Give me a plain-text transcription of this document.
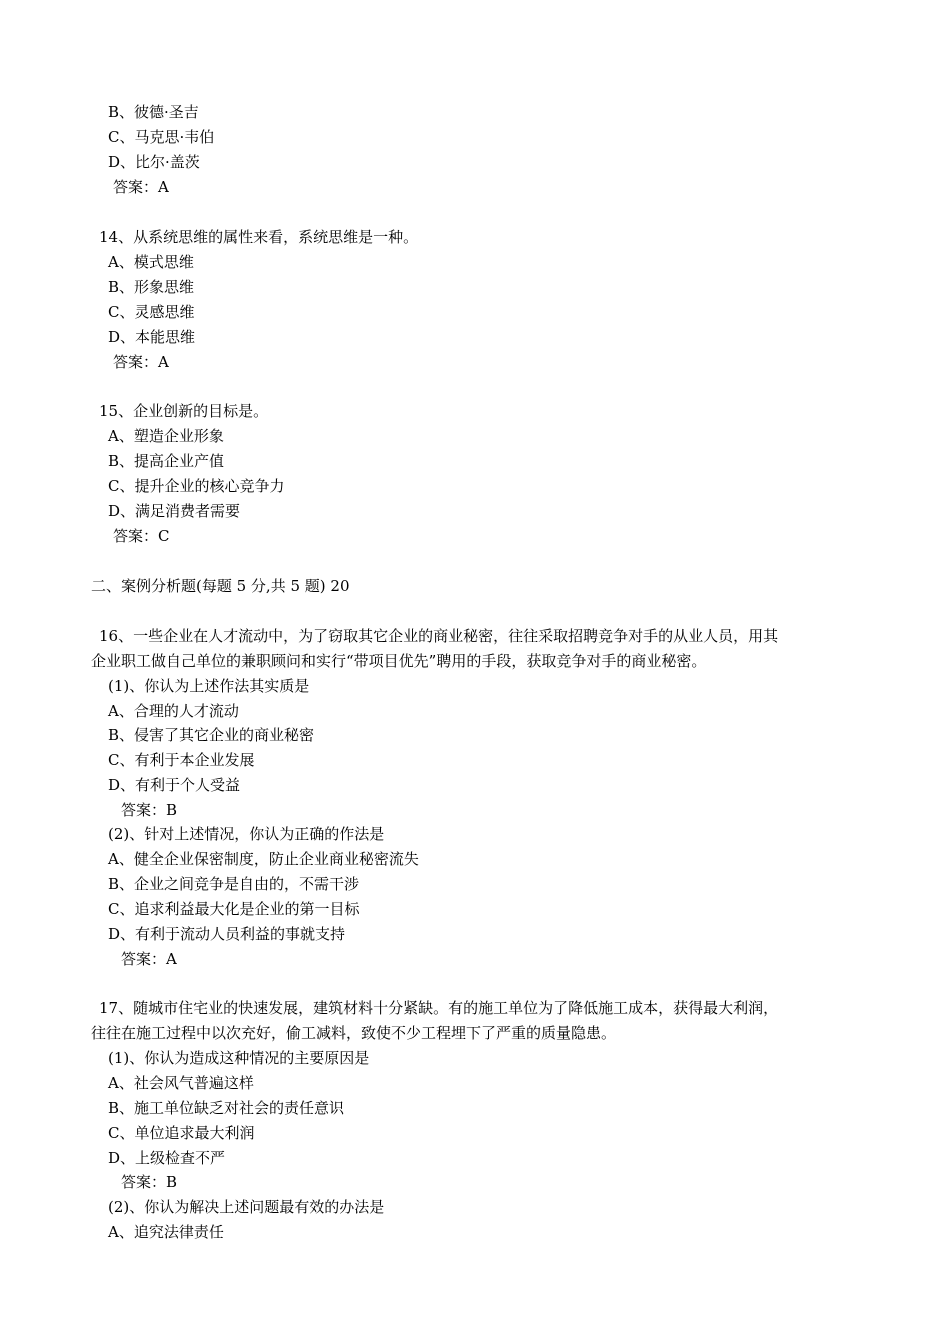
B、彼德·圣吉
C、马克思·韦伯
D、比尔·盖茨
答案：A
14、从系统思维的属性来看，系统思维是一种。
A、模式思维
B、形象思维
C、灵感思维
D、本能思维
答案：A
15、企业创新的目标是。
A、塑造企业形象
B、提高企业产值
C、提升企业的核心竞争力
D、满足消费者需要
答案：C
二、案例分析题(每题 5 分,共 5 题) 20
16、一些企业在人才流动中，为了窃取其它企业的商业秘密，往往采取招聘竞争对手的从业人员，用其
企业职工做自己单位的兼职顾问和实行“带项目优先”聘用的手段，获取竞争对手的商业秘密。
(1)、你认为上述作法其实质是
A、合理的人才流动
B、侵害了其它企业的商业秘密
C、有利于本企业发展
D、有利于个人受益
答案：B
(2)、针对上述情况，你认为正确的作法是
A、健全企业保密制度，防止企业商业秘密流失
B、企业之间竞争是自由的，不需干涉
C、追求利益最大化是企业的第一目标
D、有利于流动人员利益的事就支持
答案：A
17、随城市住宅业的快速发展，建筑材料十分紧缺。有的施工单位为了降低施工成本，获得最大利润，
往往在施工过程中以次充好，偷工减料，致使不少工程埋下了严重的质量隐患。
(1)、你认为造成这种情况的主要原因是
A、社会风气普遍这样
B、施工单位缺乏对社会的责任意识
C、单位追求最大利润
D、上级检查不严
答案：B
(2)、你认为解决上述问题最有效的办法是
A、追究法律责任
